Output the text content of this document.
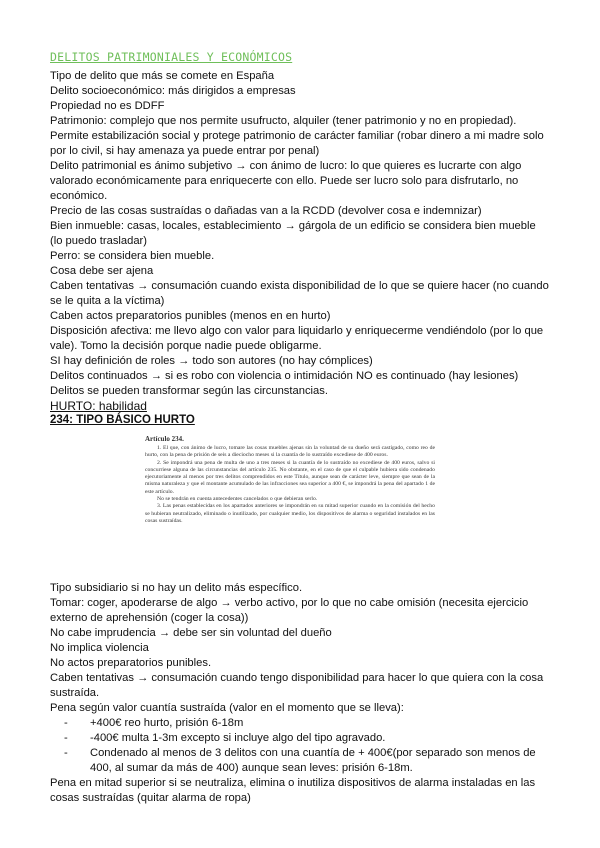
DELITOS PATRIMONIALES Y ECONÓMICOS
Tipo de delito que más se comete en España
Delito socioeconómico: más dirigidos a empresas
Propiedad no es DDFF
Patrimonio: complejo que nos permite usufructo, alquiler (tener patrimonio y no en propiedad).
Permite estabilización social y protege patrimonio de carácter familiar (robar dinero a mi madre solo por lo civil, si hay amenaza ya puede entrar por penal)
Delito patrimonial es ánimo subjetivo → con ánimo de lucro: lo que quieres es lucrarte con algo valorado económicamente para enriquecerte con ello. Puede ser lucro solo para disfrutarlo, no económico.
Precio de las cosas sustraídas o dañadas van a la RCDD (devolver cosa e indemnizar)
Bien inmueble: casas, locales, establecimiento → gárgola de un edificio se considera bien mueble (lo puedo trasladar)
Perro: se considera bien mueble.
Cosa debe ser ajena
Caben tentativas → consumación cuando exista disponibilidad de lo que se quiere hacer (no cuando se le quita a la víctima)
Caben actos preparatorios punibles (menos en en hurto)
Disposición afectiva: me llevo algo con valor para liquidarlo y enriquecerme vendiéndolo (por lo que vale). Tomo la decisión porque nadie puede obligarme.
SI hay definición de roles → todo son autores (no hay cómplices)
Delitos continuados → si es robo con violencia o intimidación NO es continuado (hay lesiones)
Delitos se pueden transformar según las circunstancias.
HURTO: habilidad
234: TIPO BÁSICO HURTO
Artículo 234.

1. El que, con ánimo de lucro, tomare las cosas muebles ajenas sin la voluntad de su dueño será castigado, como reo de hurto, con la pena de prisión de seis a dieciocho meses si la cuantía de lo sustraído excediese de 400 euros.

2. Se impondrá una pena de multa de uno a tres meses si la cuantía de lo sustraído no excediese de 400 euros, salvo si concurriese alguna de las circunstancias del artículo 235. No obstante, en el caso de que el culpable hubiera sido condenado ejecutoriamente al menos por tres delitos comprendidos en este Título, aunque sean de carácter leve, siempre que sean de la misma naturaleza y que el montante acumulado de las infracciones sea superior a 400 €, se impondrá la pena del apartado 1 de este artículo.

No se tendrán en cuenta antecedentes cancelados o que debieran serlo.

3. Las penas establecidas en los apartados anteriores se impondrán en su mitad superior cuando en la comisión del hecho se hubieran neutralizado, eliminado o inutilizado, por cualquier medio, los dispositivos de alarma o seguridad instalados en las cosas sustraídas.

Tipo subsidiario si no hay un delito más específico.
Tomar: coger, apoderarse de algo → verbo activo, por lo que no cabe omisión (necesita ejercicio externo de aprehensión (coger la cosa))
No cabe imprudencia → debe ser sin voluntad del dueño
No implica violencia
No actos preparatorios punibles.
Caben tentativas → consumación cuando tengo disponibilidad para hacer lo que quiera con la cosa sustraída.
Pena según valor cuantía sustraída (valor en el momento que se lleva):
- +400€ reo hurto, prisión 6-18m
- -400€ multa 1-3m excepto si incluye algo del tipo agravado.
- Condenado al menos de 3 delitos con una cuantía de + 400€(por separado son menos de 400, al sumar da más de 400) aunque sean leves: prisión 6-18m.
Pena en mitad superior si se neutraliza, elimina o inutiliza dispositivos de alarma instaladas en las cosas sustraídas (quitar alarma de ropa)
